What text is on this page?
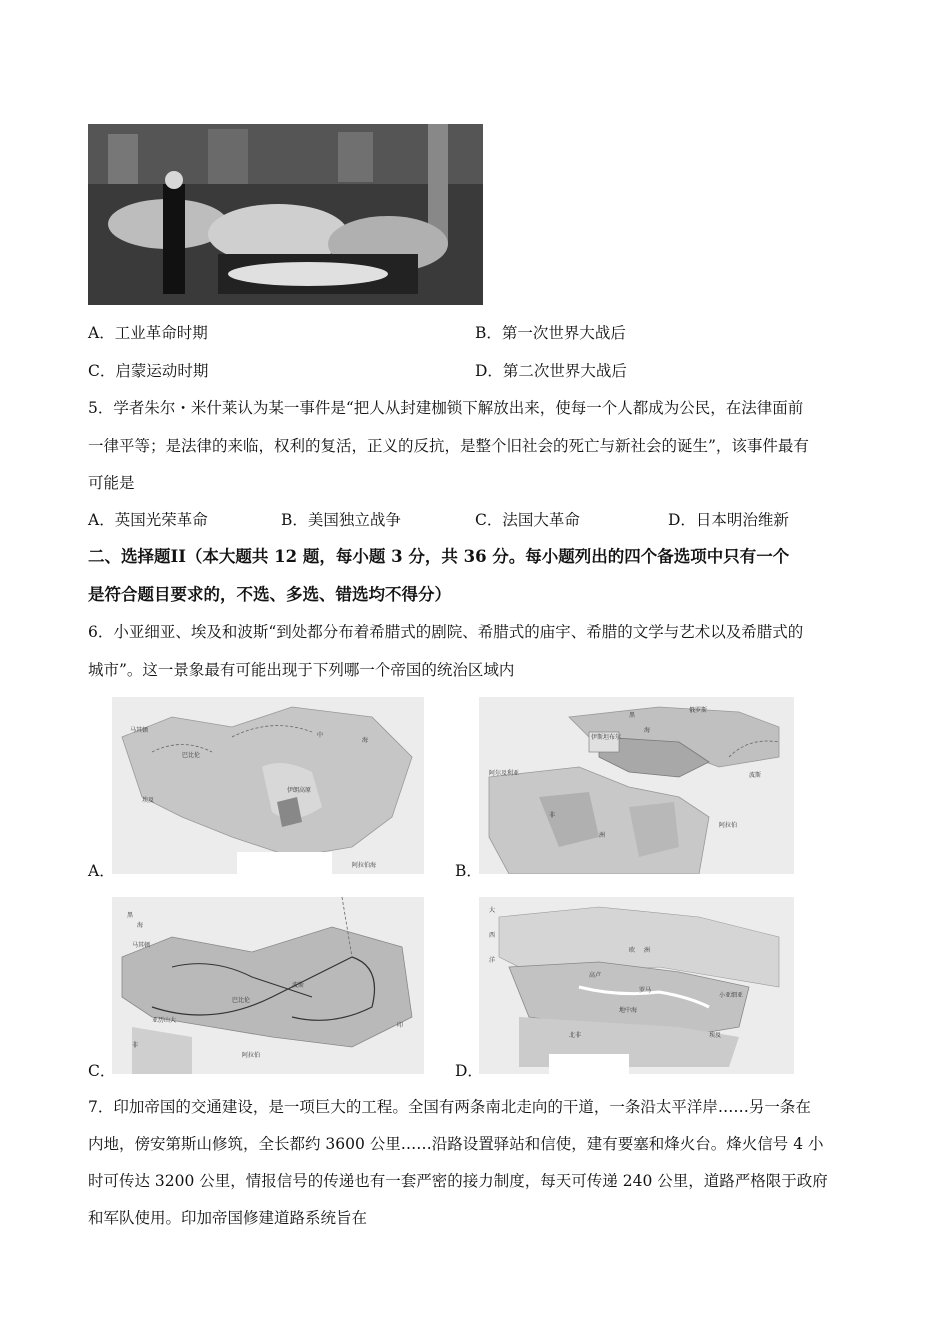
A．工业革命时期	B．第一次世界大战后
C．启蒙运动时期	D．第二次世界大战后
5．学者朱尔・米什莱认为某一事件是“把人从封建枷锁下解放出来，使每一个人都成为公民，在法律面前
一律平等；是法律的来临，权利的复活，正义的反抗，是整个旧社会的死亡与新社会的诞生”，该事件最有
可能是
A．英国光荣革命	B．美国独立战争	C．法国大革命	D．日本明治维新
二、选择题II（本大题共 12 题，每小题 3 分，共 36 分。每小题列出的四个备选项中只有一个
是符合题目要求的，不选、多选、错选均不得分）
6．小亚细亚、埃及和波斯“到处都分布着希腊式的剧院、希腊式的庙宇、希腊的文学与艺术以及希腊式的
城市”。这一景象最有可能出现于下列哪一个帝国的统治区域内
伊朗高原
中
海
阿拉伯海
马其顿
巴比伦
埃及
A．
俄罗斯
伊斯坦布尔
阿尔及利亚	波斯
阿拉伯
非
洲
黑
海
B．
黑
海
马其顿
巴比伦
亚历山大
波斯
印
阿拉伯
非
C．
欧 洲
高卢
罗马
地中海
北非
小亚细亚
埃及
大
西
洋
D．
7．印加帝国的交通建设，是一项巨大的工程。全国有两条南北走向的干道，一条沿太平洋岸……另一条在
内地，傍安第斯山修筑，全长都约 3600 公里……沿路设置驿站和信使，建有要塞和烽火台。烽火信号 4 小
时可传达 3200 公里，情报信号的传递也有一套严密的接力制度，每天可传递 240 公里，道路严格限于政府
和军队使用。印加帝国修建道路系统旨在
